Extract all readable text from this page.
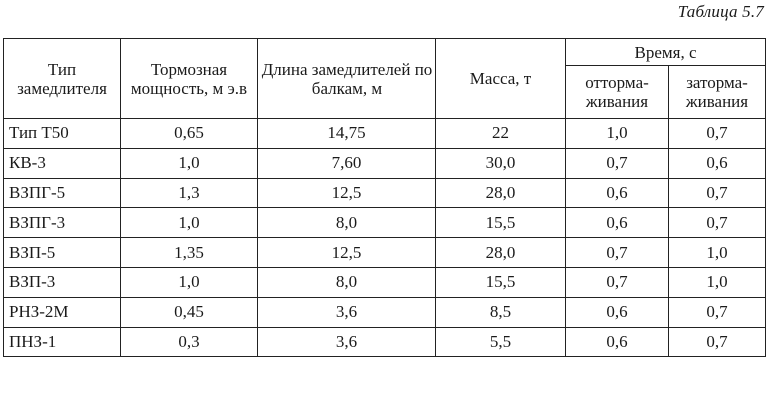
Таблица 5.7
Тип замедлителя	Тормозная мощность, м э.в	Длина замедлителей по балкам, м	Масса, т	Время, с	
				оттормa-живания	заторма-живания
Тип Т50	0,65	14,75	22	1,0	0,7
КВ-3	1,0	7,60	30,0	0,7	0,6
ВЗПГ-5	1,3	12,5	28,0	0,6	0,7
ВЗПГ-3	1,0	8,0	15,5	0,6	0,7
ВЗП-5	1,35	12,5	28,0	0,7	1,0
ВЗП-3	1,0	8,0	15,5	0,7	1,0
РНЗ-2М	0,45	3,6	8,5	0,6	0,7
ПНЗ-1	0,3	3,6	5,5	0,6	0,7
